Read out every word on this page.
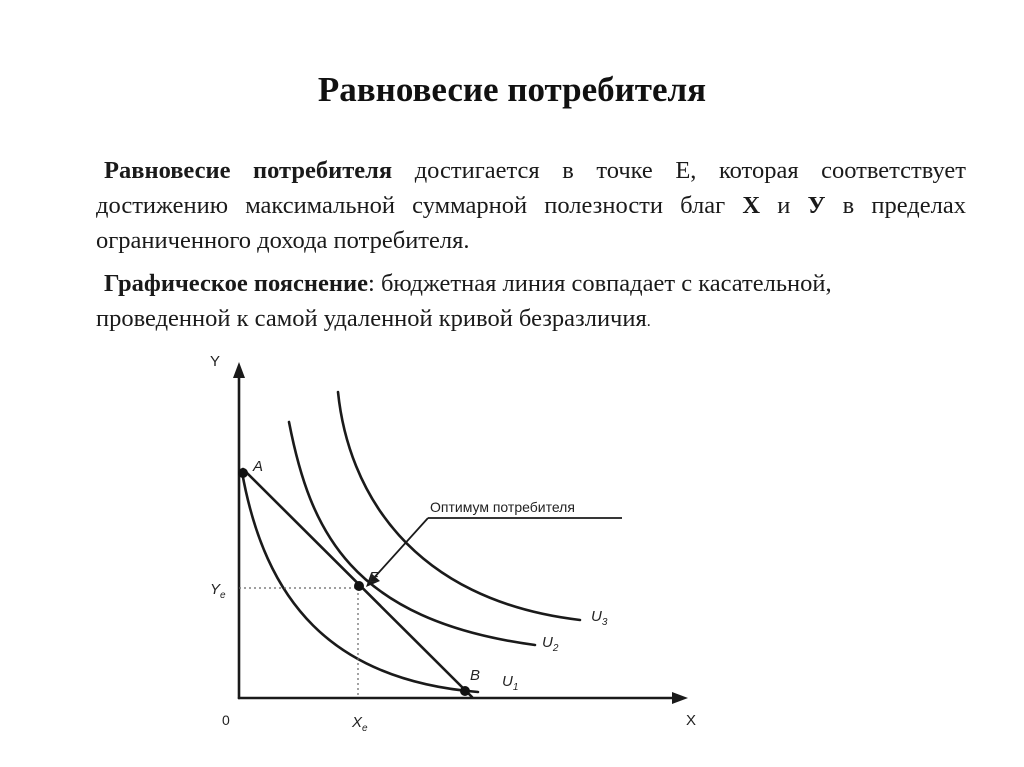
Равновесие потребителя
Равновесие потребителя достигается в точке Е, которая соответствует достижению максимальной суммарной полезности благ Х и У в пределах ограниченного дохода потребителя.
Графическое пояснение: бюджетная линия совпадает с касательной, проведенной к самой удаленной кривой безразличия.
Y
X
0
$Y_e$
$X_e$
A
E
B
Оптимум потребителя
$U_1$
$U_2$
$U_3$
